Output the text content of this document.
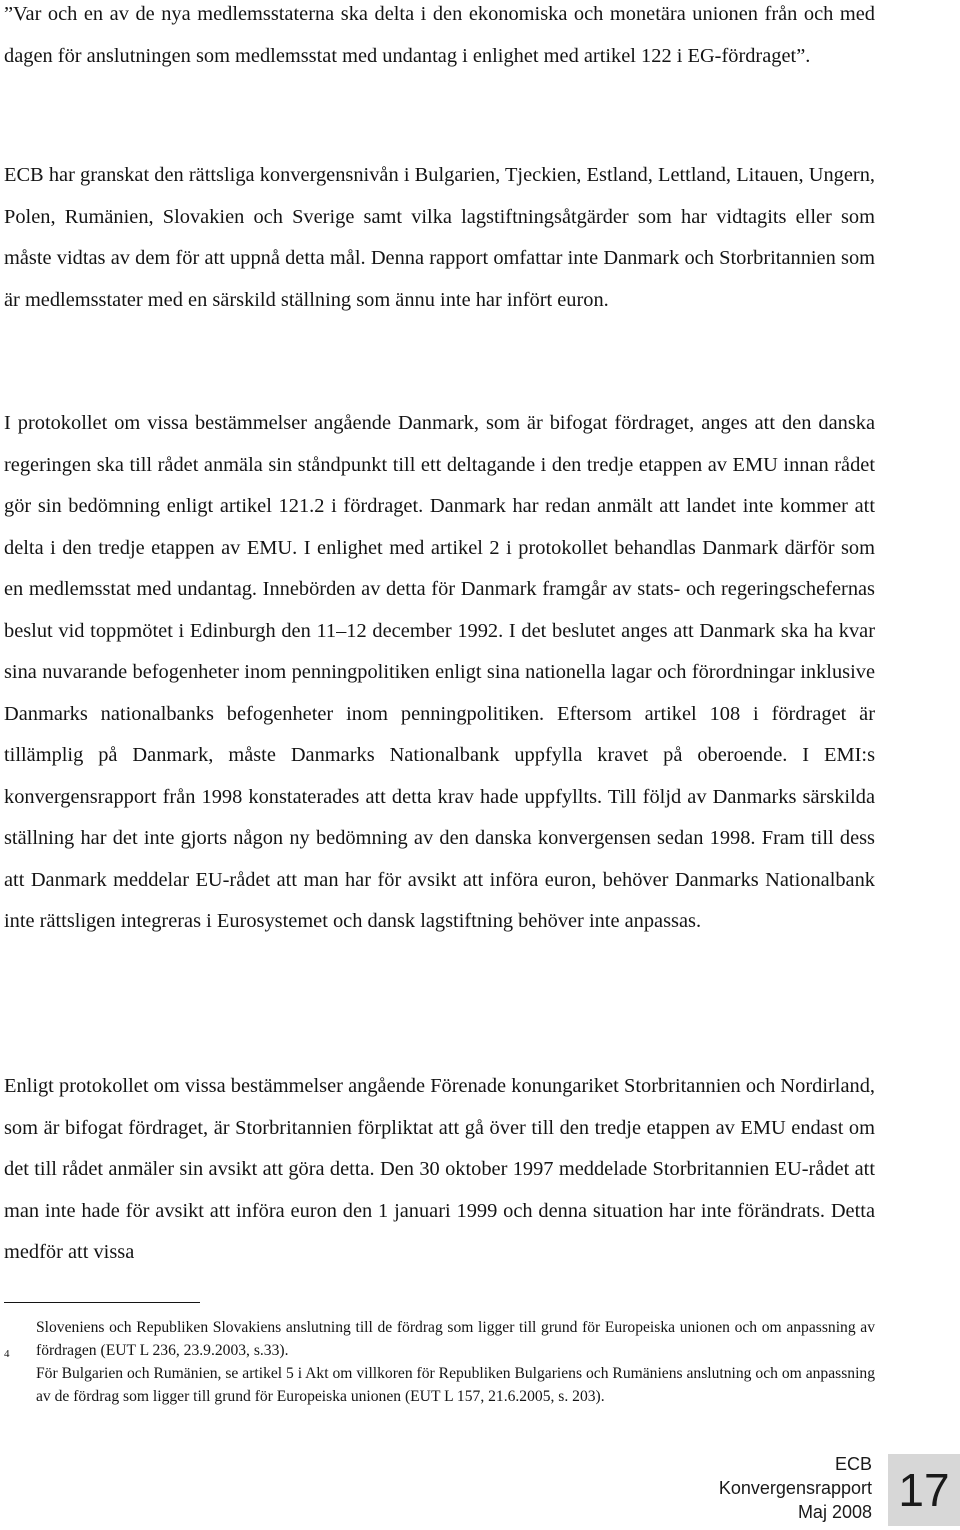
”Var och en av de nya medlemsstaterna ska delta i den ekonomiska och monetära unionen från och med dagen för anslutningen som medlemsstat med undantag i enlighet med artikel 122 i EG-fördraget”.

ECB har granskat den rättsliga konvergensnivån i Bulgarien, Tjeckien, Estland, Lettland, Litauen, Ungern, Polen, Rumänien, Slovakien och Sverige samt vilka lagstiftningsåtgärder som har vidtagits eller som måste vidtas av dem för att uppnå detta mål. Denna rapport omfattar inte Danmark och Storbritannien som är medlemsstater med en särskild ställning som ännu inte har infört euron.

I protokollet om vissa bestämmelser angående Danmark, som är bifogat fördraget, anges att den danska regeringen ska till rådet anmäla sin ståndpunkt till ett deltagande i den tredje etappen av EMU innan rådet gör sin bedömning enligt artikel 121.2 i fördraget. Danmark har redan anmält att landet inte kommer att delta i den tredje etappen av EMU. I enlighet med artikel 2 i protokollet behandlas Danmark därför som en medlemsstat med undantag. Innebörden av detta för Danmark framgår av stats- och regeringschefernas beslut vid toppmötet i Edinburgh den 11–12 december 1992. I det beslutet anges att Danmark ska ha kvar sina nuvarande befogenheter inom penningpolitiken enligt sina nationella lagar och förordningar inklusive Danmarks nationalbanks befogenheter inom penningpolitiken. Eftersom artikel 108 i fördraget är tillämplig på Danmark, måste Danmarks Nationalbank uppfylla kravet på oberoende. I EMI:s konvergensrapport från 1998 konstaterades att detta krav hade uppfyllts. Till följd av Danmarks särskilda ställning har det inte gjorts någon ny bedömning av den danska konvergensen sedan 1998. Fram till dess att Danmark meddelar EU-rådet att man har för avsikt att införa euron, behöver Danmarks Nationalbank inte rättsligen integreras i Eurosystemet och dansk lagstiftning behöver inte anpassas.

Enligt protokollet om vissa bestämmelser angående Förenade konungariket Storbritannien och Nordirland, som är bifogat fördraget, är Storbritannien förpliktat att gå över till den tredje etappen av EMU endast om det till rådet anmäler sin avsikt att göra detta. Den 30 oktober 1997 meddelade Storbritannien EU-rådet att man inte hade för avsikt att införa euron den 1 januari 1999 och denna situation har inte förändrats. Detta medför att vissa

Sloveniens och Republiken Slovakiens anslutning till de fördrag som ligger till grund för Europeiska unionen och om anpassning av fördragen (EUT L 236, 23.9.2003, s.33).
4
För Bulgarien och Rumänien, se artikel 5 i Akt om villkoren för Republiken Bulgariens och Rumäniens anslutning och om anpassning av de fördrag som ligger till grund för Europeiska unionen (EUT L 157, 21.6.2005, s. 203).
ECB
Konvergensrapport
Maj 2008 17
